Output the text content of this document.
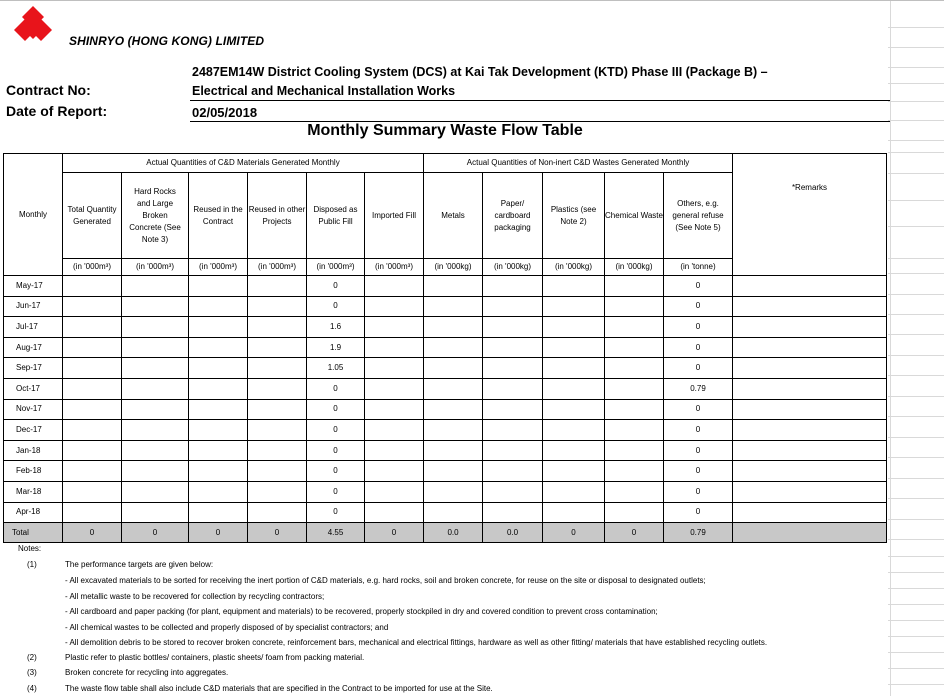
SHINRYO (HONG KONG) LIMITED
Contract No:
2487EM14W District Cooling System (DCS) at Kai Tak Development (KTD) Phase III (Package B) –
Electrical and Mechanical Installation Works
Date of Report:	02/05/2018
Monthly Summary Waste Flow Table
Monthly	Actual Quantities of C&D Materials Generated Monthly						Actual Quantities of Non-inert C&D Wastes Generated Monthly					*Remarks
	Total Quantity Generated	Hard Rocks and Large Broken Concrete (See Note 3)	Reused in the Contract	Reused in other Projects	Disposed as Public Fill	Imported Fill	Metals	Paper/ cardboard packaging	Plastics (see Note 2)	Chemical Waste	Others, e.g. general refuse (See Note 5)	
	(in '000m³)	(in '000m³)	(in '000m³)	(in '000m³)	(in '000m³)	(in '000m³)	(in '000kg)	(in '000kg)	(in '000kg)	(in '000kg)	(in 'tonne)	
May-17					0						0	
Jun-17					0						0	
Jul-17					1.6						0	
Aug-17					1.9						0	
Sep-17					1.05						0	
Oct-17					0						0.79	
Nov-17					0						0	
Dec-17					0						0	
Jan-18					0						0	
Feb-18					0						0	
Mar-18					0						0	
Apr-18					0						0	
Total	0	0	0	0	4.55	0	0.0	0.0	0	0	0.79	
Notes:
(1)	The performance targets are given below:
- All excavated materials to be sorted for receiving the inert portion of C&D materials, e.g. hard rocks, soil and broken concrete, for reuse on the site or disposal to designated outlets;
- All metallic waste to be recovered for collection by recycling contractors;
- All cardboard and paper packing (for plant, equipment and materials) to be recovered, properly stockpiled in dry and covered condition to prevent cross contamination;
- All chemical wastes to be collected and properly disposed of by specialist contractors; and
- All demolition debris to be stored to recover broken concrete, reinforcement bars, mechanical and electrical fittings, hardware as well as other fitting/ materials that have established recycling outlets.
(2)	Plastic refer to plastic bottles/ containers, plastic sheets/ foam from packing material.
(3)	Broken concrete for recycling into aggregates.
(4)	The waste flow table shall also include C&D materials that are specified in the Contract to be imported for use at the Site.
